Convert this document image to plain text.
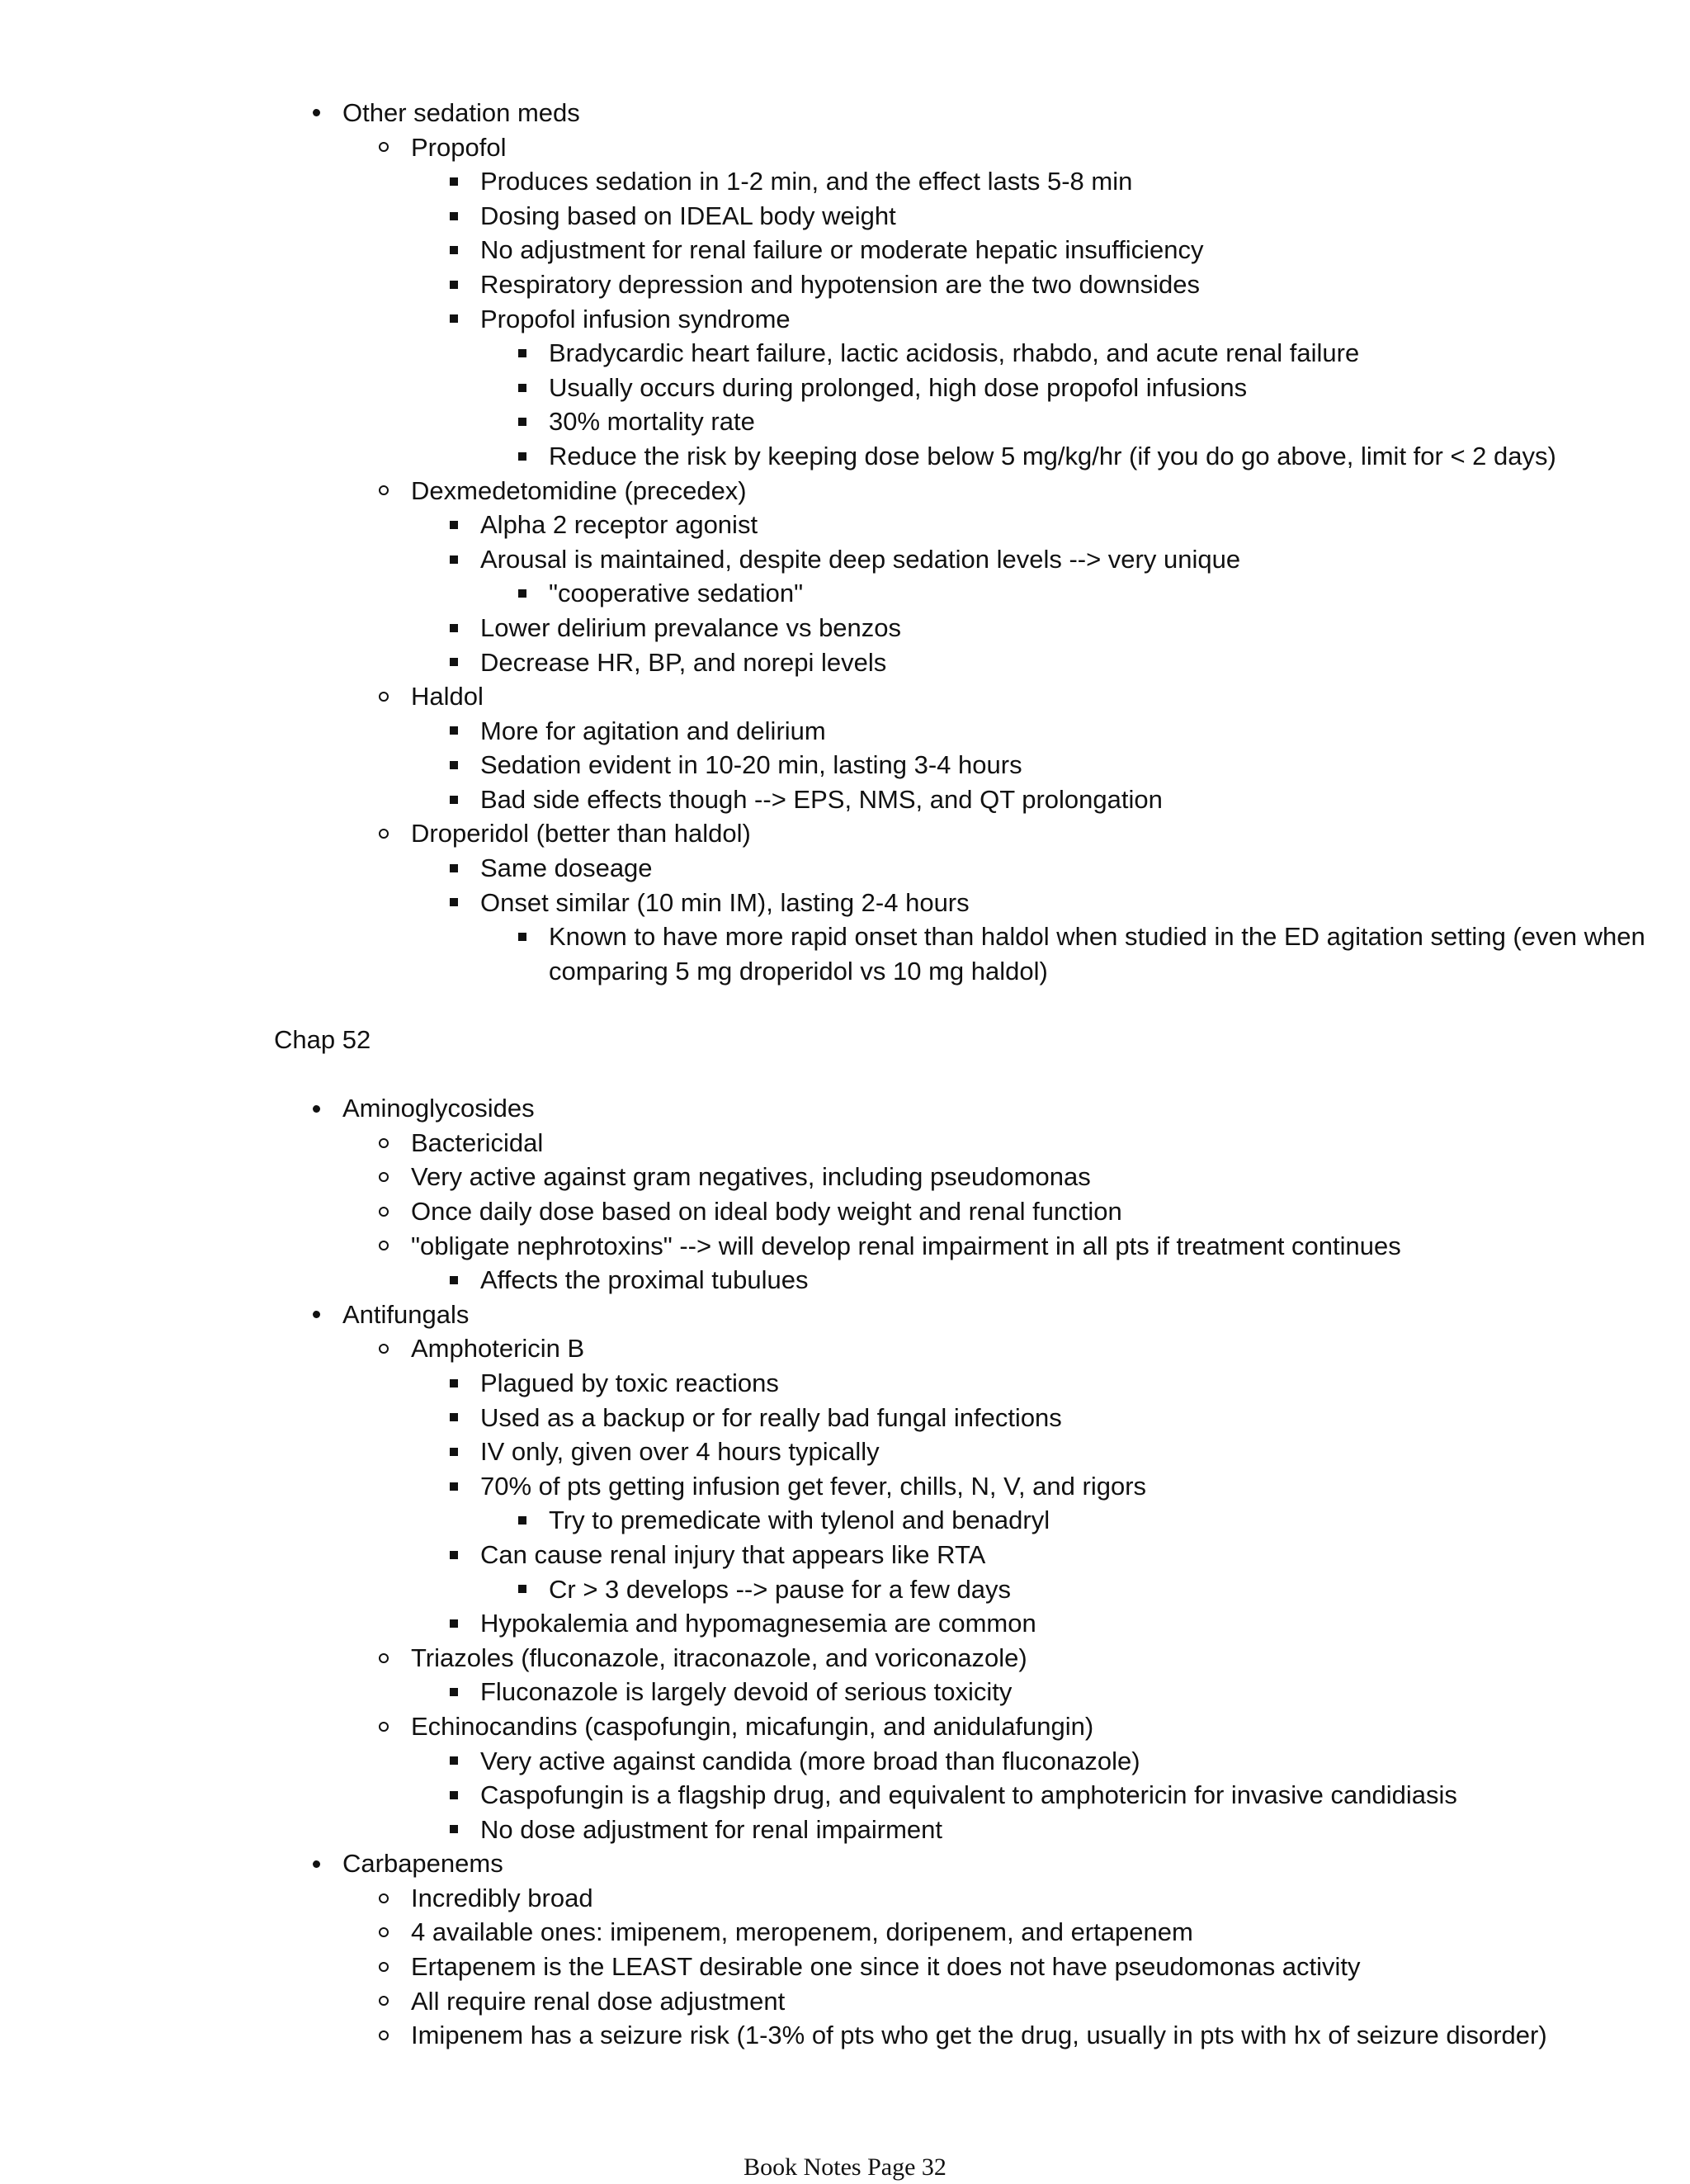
Other sedation meds
Propofol
Produces sedation in 1-2 min, and the effect lasts 5-8 min
Dosing based on IDEAL body weight
No adjustment for renal failure or moderate hepatic insufficiency
Respiratory depression and hypotension are the two downsides
Propofol infusion syndrome
Bradycardic heart failure, lactic acidosis, rhabdo, and acute renal failure
Usually occurs during prolonged, high dose propofol infusions
30% mortality rate
Reduce the risk by keeping dose below 5 mg/kg/hr (if you do go above, limit for < 2 days)
Dexmedetomidine (precedex)
Alpha 2 receptor agonist
Arousal is maintained, despite deep sedation levels --> very unique
"cooperative sedation"
Lower delirium prevalance vs benzos
Decrease HR, BP, and norepi levels
Haldol
More for agitation and delirium
Sedation evident in 10-20 min, lasting 3-4 hours
Bad side effects though --> EPS, NMS, and QT prolongation
Droperidol (better than haldol)
Same doseage
Onset similar (10 min IM), lasting 2-4 hours
Known to have more rapid onset than haldol when studied in the ED agitation setting (even when
comparing 5 mg droperidol vs 10 mg haldol)
Chap 52
Aminoglycosides
Bactericidal
Very active against gram negatives, including pseudomonas
Once daily dose based on ideal body weight and renal function
"obligate nephrotoxins" --> will develop renal impairment in all pts if treatment continues
Affects the proximal tubulues
Antifungals
Amphotericin B
Plagued by toxic reactions
Used as a backup or for really bad fungal infections
IV only, given over 4 hours typically
70% of pts getting infusion get fever, chills, N, V, and rigors
Try to premedicate with tylenol and benadryl
Can cause renal injury that appears like RTA
Cr > 3 develops --> pause for a few days
Hypokalemia and hypomagnesemia are common
Triazoles (fluconazole, itraconazole, and voriconazole)
Fluconazole is largely devoid of serious toxicity
Echinocandins (caspofungin, micafungin, and anidulafungin)
Very active against candida (more broad than fluconazole)
Caspofungin is a flagship drug, and equivalent to amphotericin for invasive candidiasis
No dose adjustment for renal impairment
Carbapenems
Incredibly broad
4 available ones: imipenem, meropenem, doripenem, and ertapenem
Ertapenem is the LEAST desirable one since it does not have pseudomonas activity
All require renal dose adjustment
Imipenem has a seizure risk (1-3% of pts who get the drug, usually in pts with hx of seizure disorder)
Book Notes Page 32
